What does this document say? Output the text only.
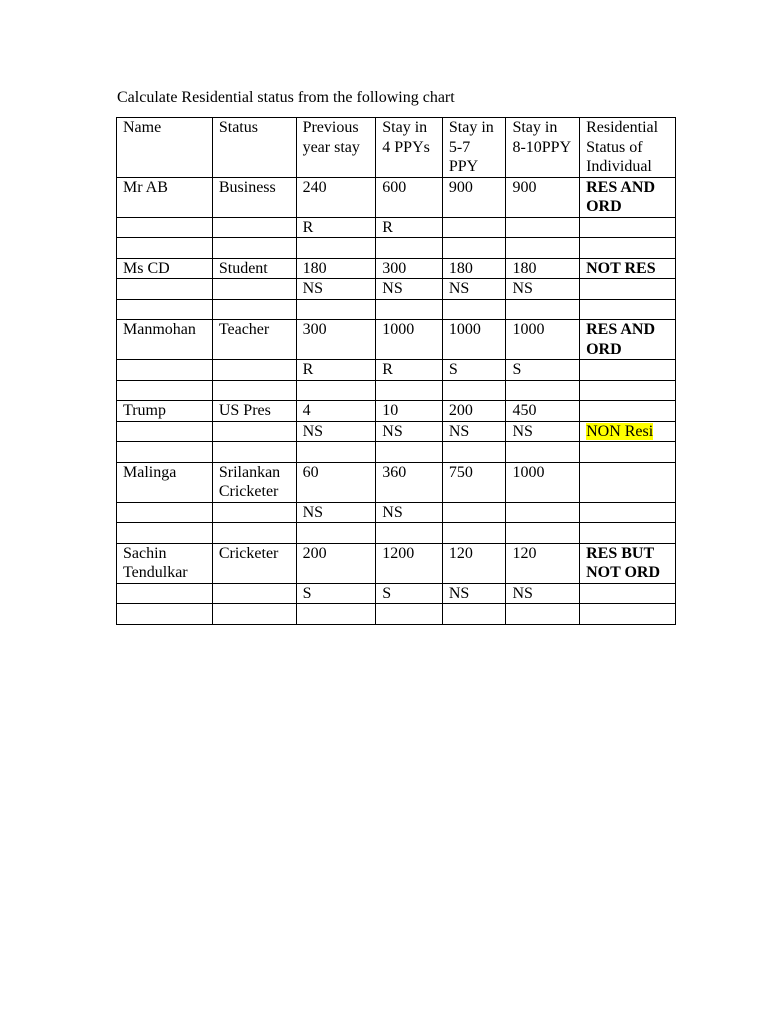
Calculate Residential status from the following chart
Name	Status	Previous year stay	Stay in 4 PPYs	Stay in 5-7 PPY	Stay in 8-10PPY	Residential Status of Individual
Mr AB	Business	240	600	900	900	RES AND ORD
		R	R			

Ms CD	Student	180	300	180	180	NOT RES
		NS	NS	NS	NS	

Manmohan	Teacher	300	1000	1000	1000	RES AND ORD
		R	R	S	S	

Trump	US Pres	4	10	200	450	
		NS	NS	NS	NS	NON Resi

Malinga	Srilankan Cricketer	60	360	750	1000	
		NS	NS			

Sachin Tendulkar	Cricketer	200	1200	120	120	RES BUT NOT ORD
		S	S	NS	NS	
